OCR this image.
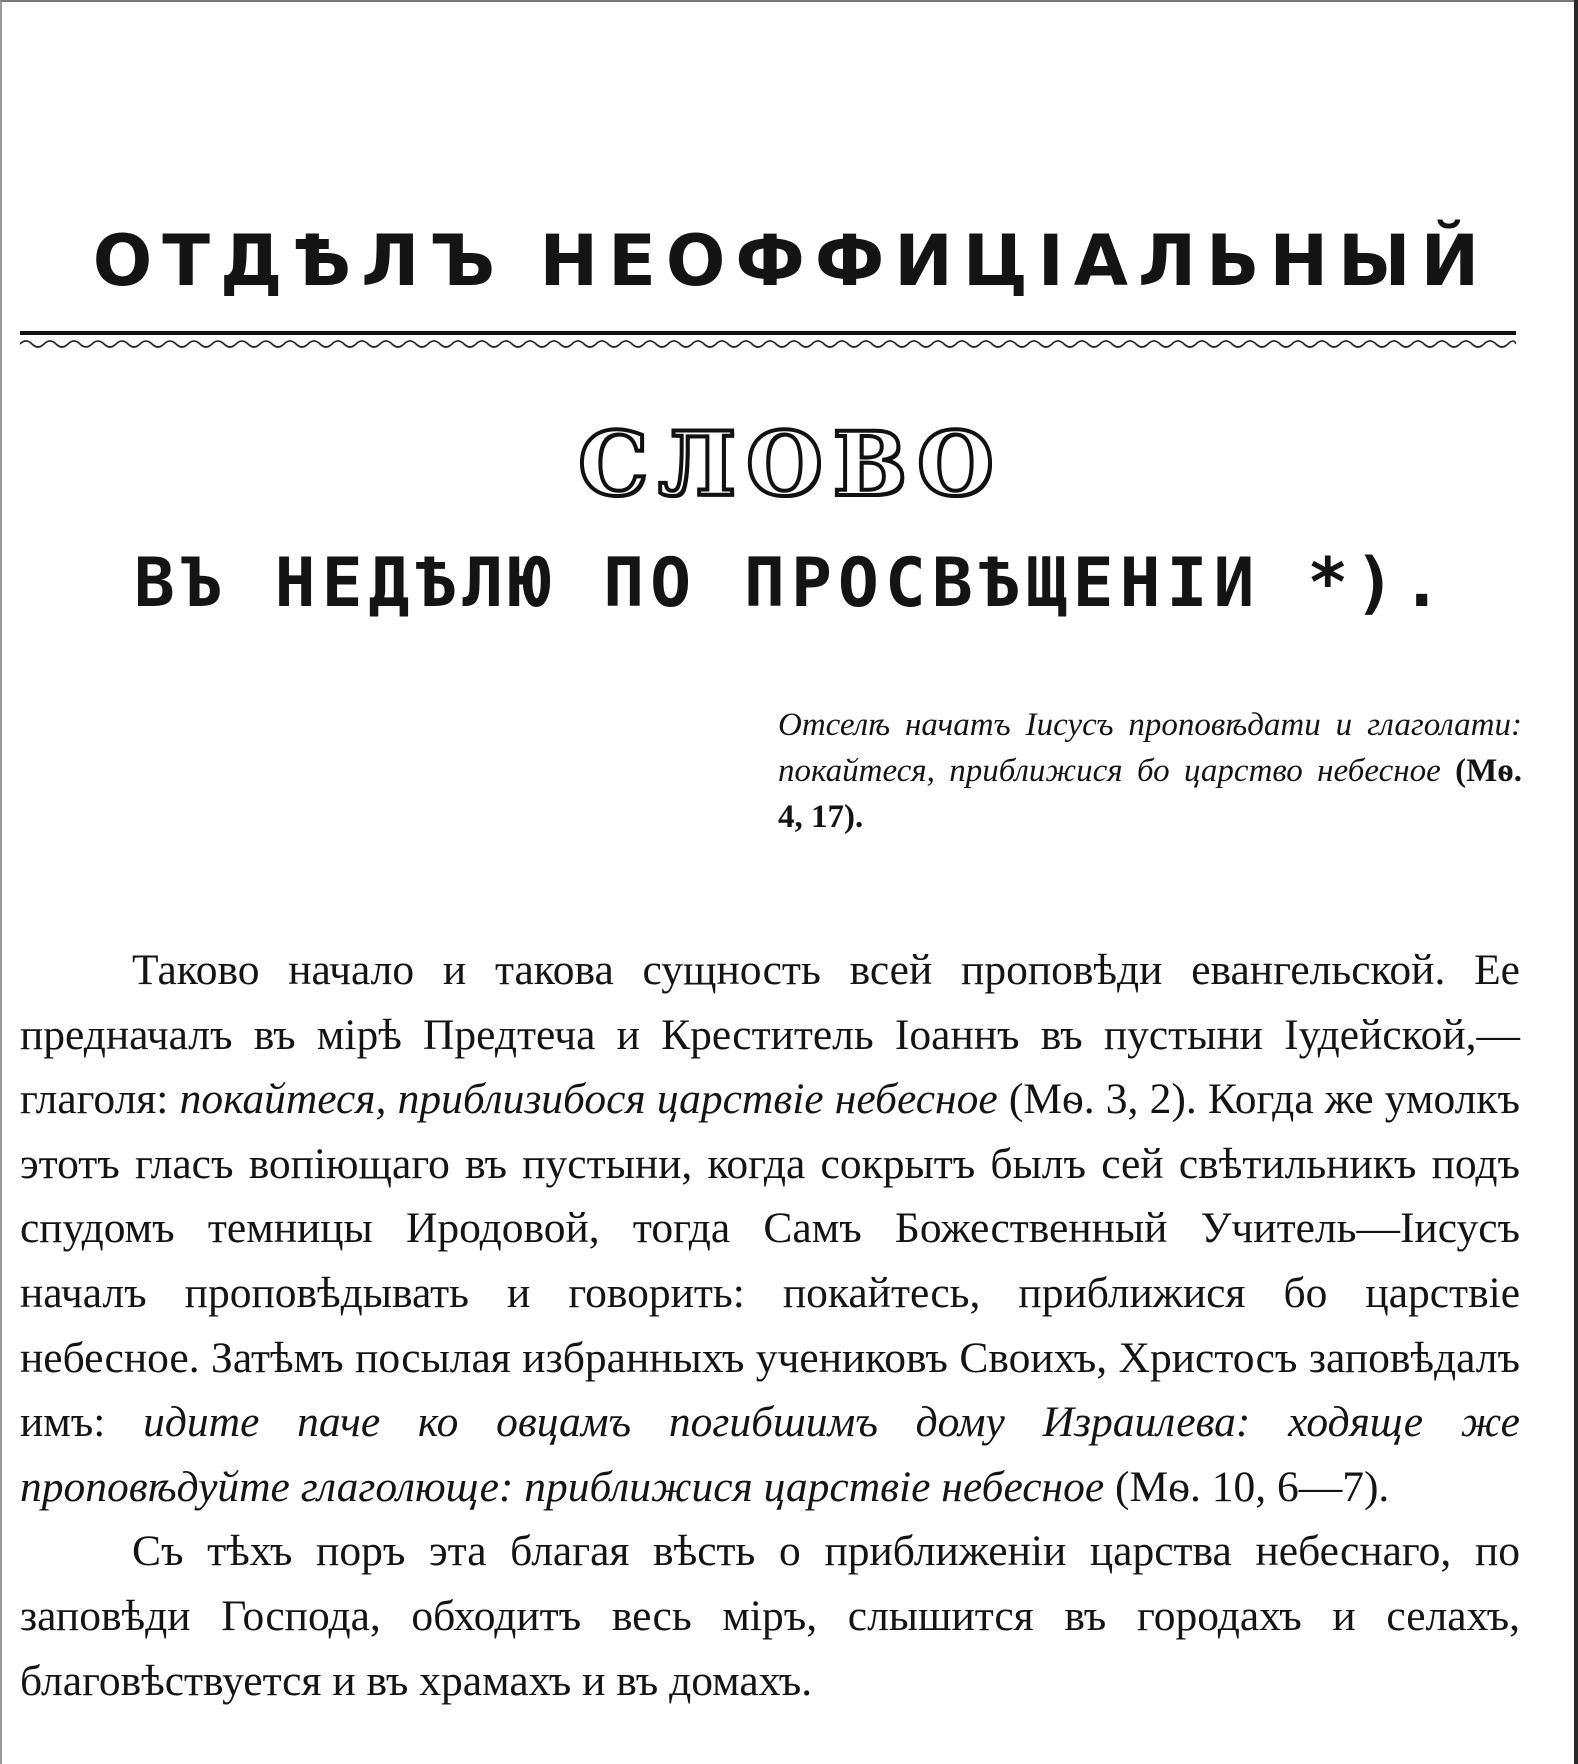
ОТДѢЛЪ НЕОФФИЦІАЛЬНЫЙ
СЛОВО
ВЪ НЕДѢЛЮ ПО ПРОСВѢЩЕНІИ *).
Отселѣ начатъ Іисусъ проповѣдати и глаголати: покайтеся, приближися бо царство небесное (Мѳ. 4, 17).

Таково начало и такова сущность всей проповѣди евангельской. Ее предначалъ въ мірѣ Предтеча и Креститель Іоаннъ въ пустыни Іудейской,—глаголя: покайтеся, приблизибося царствіе небесное (Мѳ. 3, 2). Когда же умолкъ этотъ гласъ вопіющаго въ пустыни, когда сокрытъ былъ сей свѣтильникъ подъ спудомъ темницы Иродовой, тогда Самъ Божественный Учитель—Іисусъ началъ проповѣдывать и говорить: покайтесь, приближися бо царствіе небесное. Затѣмъ посылая избранныхъ учениковъ Своихъ, Христосъ заповѣдалъ имъ: идите паче ко овцамъ погибшимъ дому Израилева: ходяще же проповѣдуйте глаголюще: приближися царствіе небесное (Мѳ. 10, 6—7).

Съ тѣхъ поръ эта благая вѣсть о приближеніи царства небеснаго, по заповѣди Господа, обходитъ весь міръ, слышится въ городахъ и селахъ, благовѣствуется и въ храмахъ и въ домахъ.
